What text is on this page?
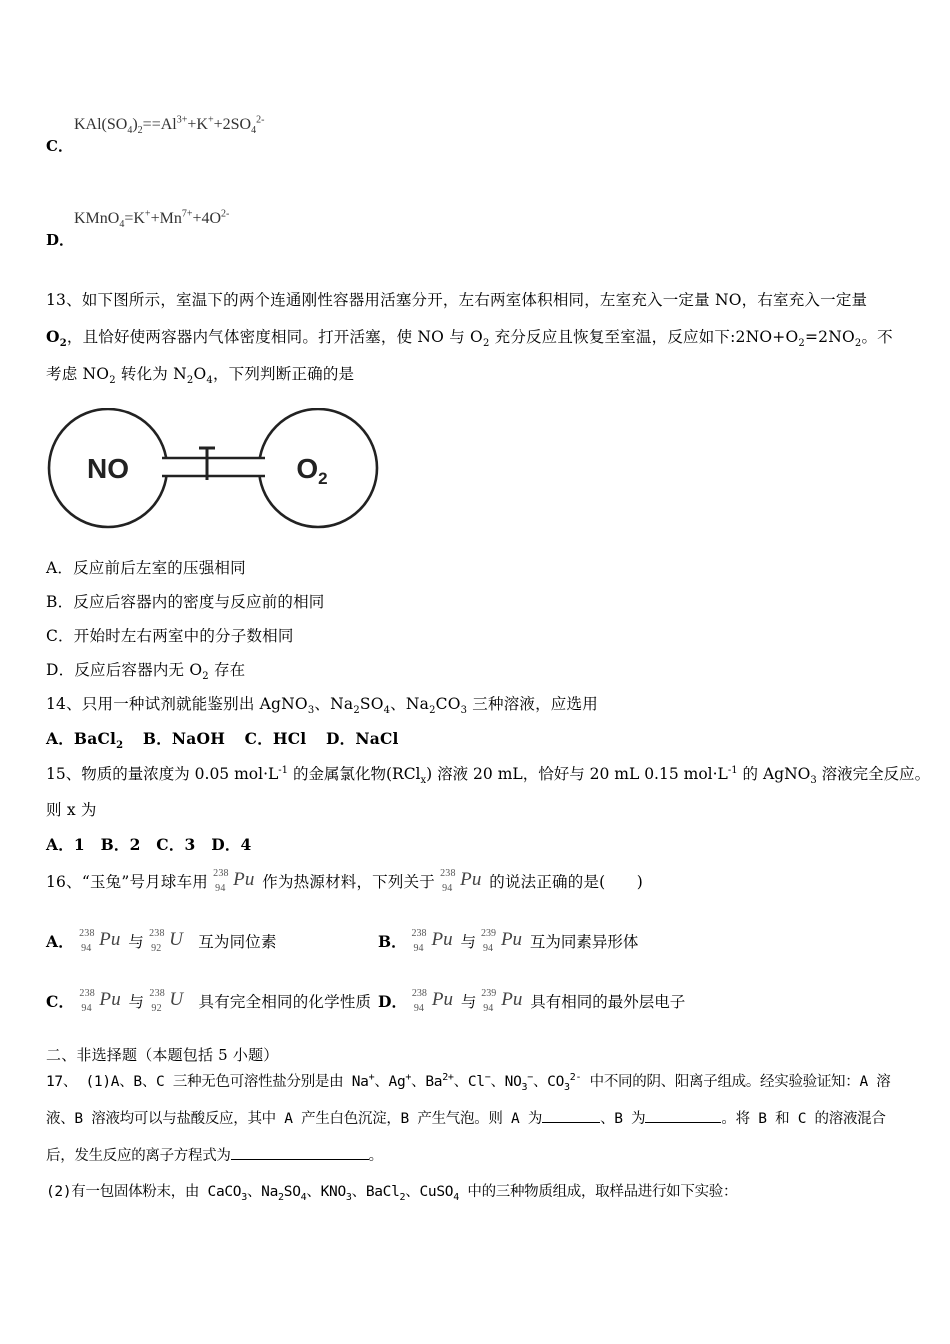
C．
$KAl(SO_4)_2==Al^{3+}+K^++2SO_4^{2-}$
D．
$KMnO_4=K^++Mn^{7+}+4O^{2-}$
13、如下图所示，室温下的两个连通刚性容器用活塞分开，左右两室体积相同，左室充入一定量 NO，右室充入一定量
$O_2$，且恰好使两容器内气体密度相同。打开活塞，使 NO 与 $O_2$ 充分反应且恢复至室温，反应如下$:2NO+O_2=2NO_2$。不
考虑 $NO_2$ 转化为 $N_2O_4$，下列判断正确的是
NO	$O_2$
A．反应前后左室的压强相同
B．反应后容器内的密度与反应前的相同
C．开始时左右两室中的分子数相同
D．反应后容器内无 $O_2$ 存在
14、只用一种试剂就能鉴别出 AgNO$_3$、$Na_2SO_4$、$Na_2CO_3$ 三种溶液，应选用
A．BaCl$_2$ B．NaOH C．HCl D．NaCl
15、物质的量浓度为 0.05 $mol\cdot L^{-1}$ 的金属氯化物(RCl$_x$) 溶液 20 mL，恰好与 20 mL 0.15 $mol\cdot L^{-1}$ 的 AgNO$_3$ 溶液完全反应。
则 x 为
A．1　B．2　C．3　D．4
16、“玉兔”号月球车用 238
94 Pu 作为热源材料，下列关于 238
94 Pu 的说法正确的是(　　)
A． 238
94 Pu 与 238
92 U 互为同位素	B． 238
94 Pu 与 239
94 Pu 互为同素异形体
C． 238
94 Pu 与 238
92 U 具有完全相同的化学性质 D． 238
94 Pu 与 239
94 Pu 具有相同的最外层电子
二、非选择题（本题包括 5 小题）
17、 (1)A、B、C 三种无色可溶性盐分别是由 Na+、Ag+、$Ba^{2+}$、Cl−、$NO_3^-$、$CO_3^{2-}$ 中不同的阴、阳离子组成。经实验验证知：A 溶
液、B 溶液均可以与盐酸反应，其中 A 产生白色沉淀，B 产生气泡。则 A 为	、B 为	。将 B 和 C 的溶液混合
后，发生反应的离子方程式为	。
(2)有一包固体粉末，由 CaCO$_3$、$Na_2SO_4$、$KNO_3$、BaCl$_2$、CuSO$_4$ 中的三种物质组成，取样品进行如下实验：
